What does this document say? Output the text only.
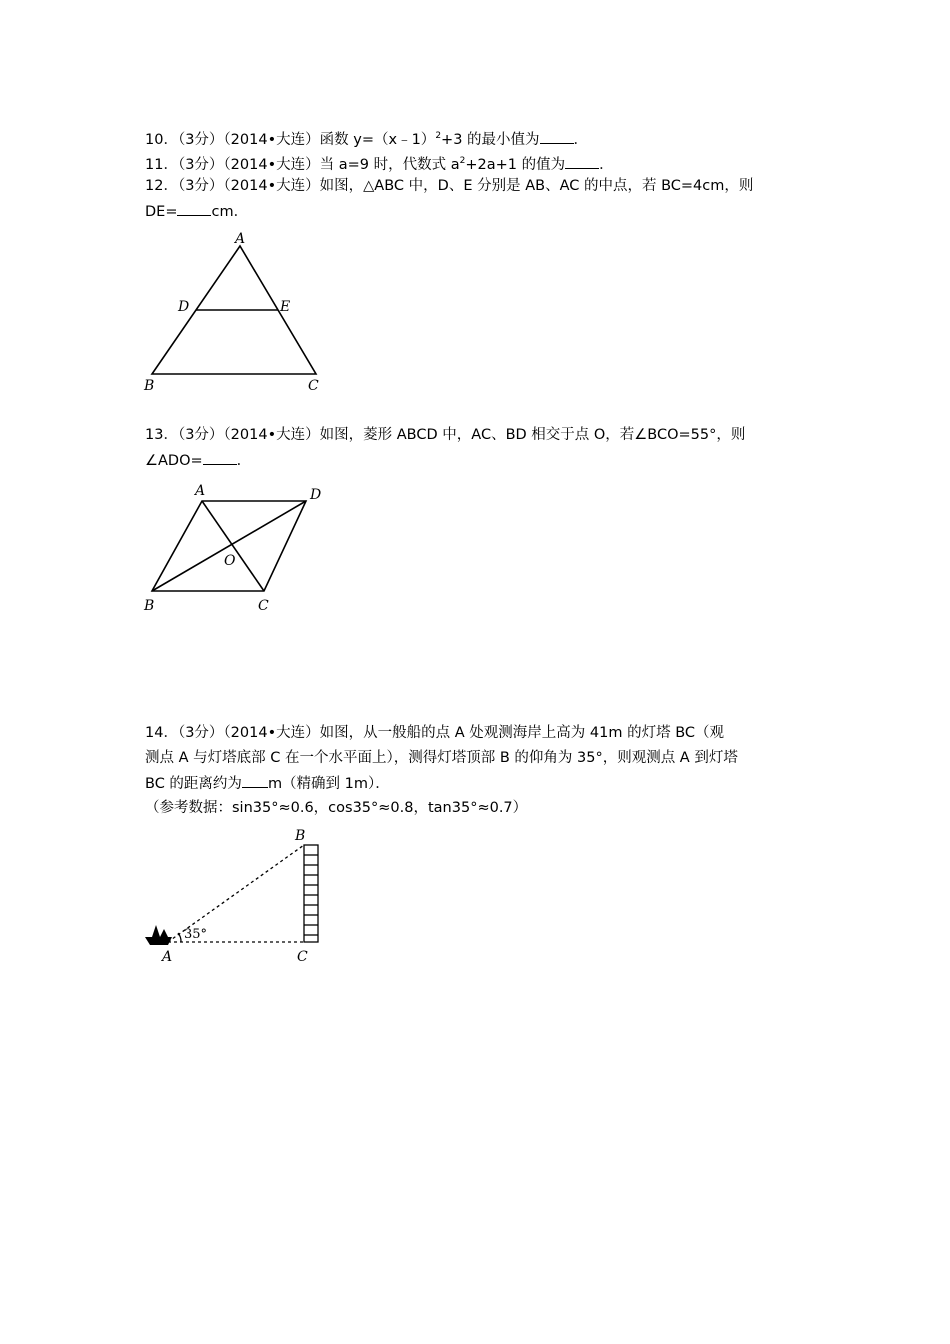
10．（3分）（2014•大连）函数 y=（x﹣1）$^2$+3 的最小值为 ．
11．（3分）（2014•大连）当 a=9 时，代数式 $a^2+2a+1$ 的值为 ．
12．（3分）（2014•大连）如图，△ABC 中，D、E 分别是 AB、AC 的中点，若 BC=4cm，则
DE= cm．
A
D	E
B	C
13．（3分）（2014•大连）如图，菱形 ABCD 中，AC、BD 相交于点 O，若∠BCO=55°，则
∠ADO= ．
A	D
O
B	C
14．（3分）（2014•大连）如图，从一般船的点 A 处观测海岸上高为 41m 的灯塔 BC（观
测点 A 与灯塔底部 C 在一个水平面上），测得灯塔顶部 B 的仰角为 35°，则观测点 A 到灯塔
BC 的距离约为 m（精确到 1m）．
（参考数据：sin35°≈0.6，cos35°≈0.8，tan35°≈0.7）
B
35°
A	C
